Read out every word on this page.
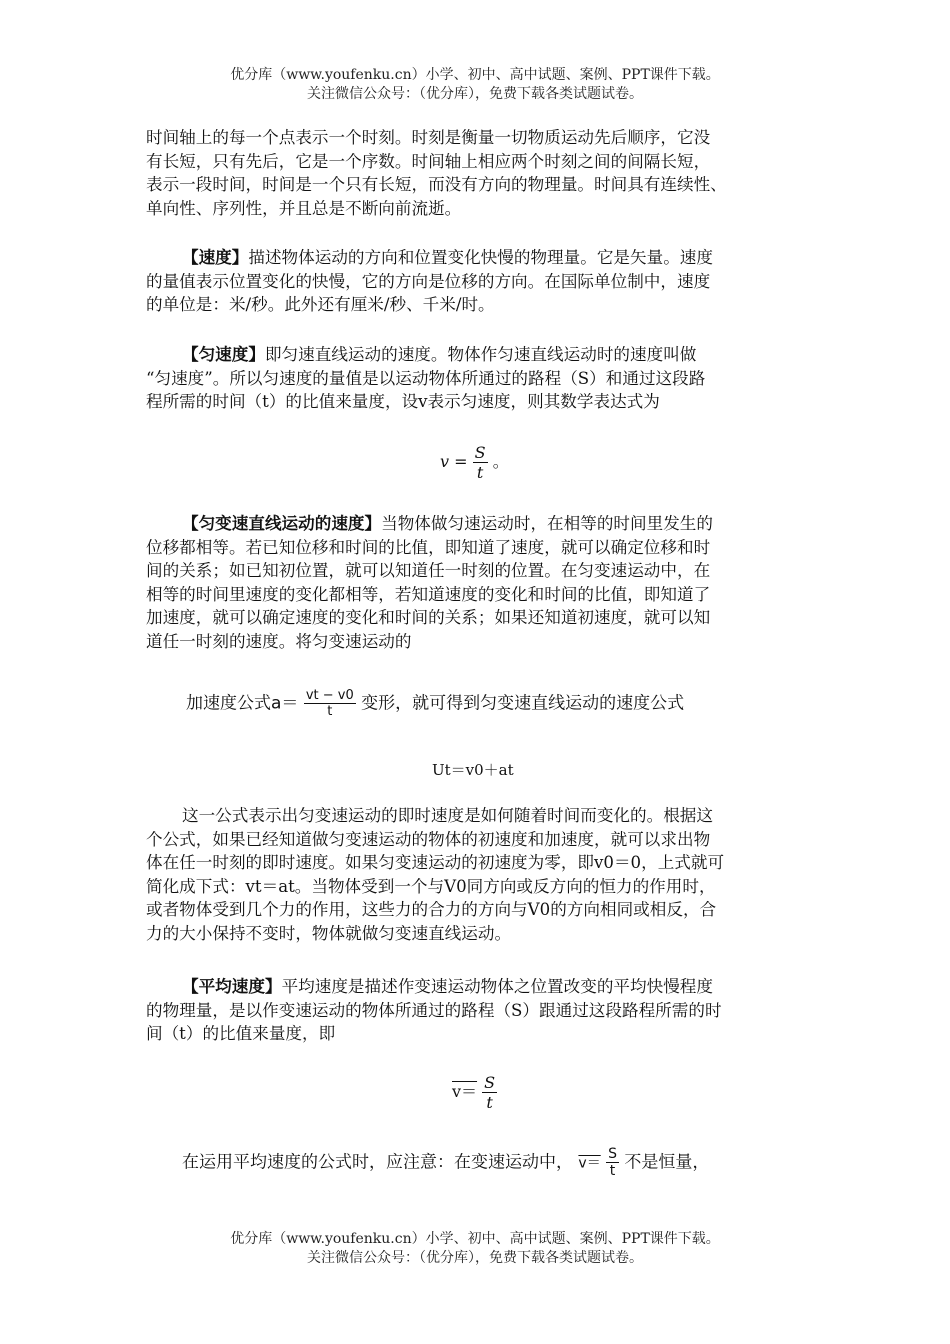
优分库（www.youfenku.cn）小学、初中、高中试题、案例、PPT课件下载。
关注微信公众号：（优分库），免费下载各类试题试卷。
时间轴上的每一个点表示一个时刻。时刻是衡量一切物质运动先后顺序，它没
有长短，只有先后，它是一个序数。时间轴上相应两个时刻之间的间隔长短，
表示一段时间，时间是一个只有长短，而没有方向的物理量。时间具有连续性、
单向性、序列性，并且总是不断向前流逝。
【速度】描述物体运动的方向和位置变化快慢的物理量。它是矢量。速度
的量值表示位置变化的快慢，它的方向是位移的方向。在国际单位制中，速度
的单位是：米/秒。此外还有厘米/秒、千米/时。
【匀速度】即匀速直线运动的速度。物体作匀速直线运动时的速度叫做
“匀速度”。所以匀速度的量值是以运动物体所通过的路程（S）和通过这段路
程所需的时间（t）的比值来量度，设v表示匀速度，则其数学表达式为
$v = \frac{S}{t}$ 。
【匀变速直线运动的速度】当物体做匀速运动时，在相等的时间里发生的
位移都相等。若已知位移和时间的比值，即知道了速度，就可以确定位移和时
间的关系；如已知初位置，就可以知道任一时刻的位置。在匀变速运动中，在
相等的时间里速度的变化都相等，若知道速度的变化和时间的比值，即知道了
加速度，就可以确定速度的变化和时间的关系；如果还知道初速度，就可以知
道任一时刻的速度。将匀变速运动的
加速度公式$a= \frac{vt - v0}{t}$ 变形，就可得到匀变速直线运动的速度公式
Ut＝v0＋at
这一公式表示出匀变速运动的即时速度是如何随着时间而变化的。根据这
个公式，如果已经知道做匀变速运动的物体的初速度和加速度，就可以求出物
体在任一时刻的即时速度。如果匀变速运动的初速度为零，即v0＝0，上式就可
简化成下式：vt＝at。当物体受到一个与V0同方向或反方向的恒力的作用时，
或者物体受到几个力的作用，这些力的合力的方向与V0的方向相同或相反，合
力的大小保持不变时，物体就做匀变速直线运动。
【平均速度】平均速度是描述作变速运动物体之位置改变的平均快慢程度
的物理量，是以作变速运动的物体所通过的路程（S）跟通过这段路程所需的时
间（t）的比值来量度，即
$v= \frac{S}{t}$
在运用平均速度的公式时，应注意：在变速运动中， $v= \frac{S}{t}$ 不是恒量，
优分库（www.youfenku.cn）小学、初中、高中试题、案例、PPT课件下载。
关注微信公众号：（优分库），免费下载各类试题试卷。
